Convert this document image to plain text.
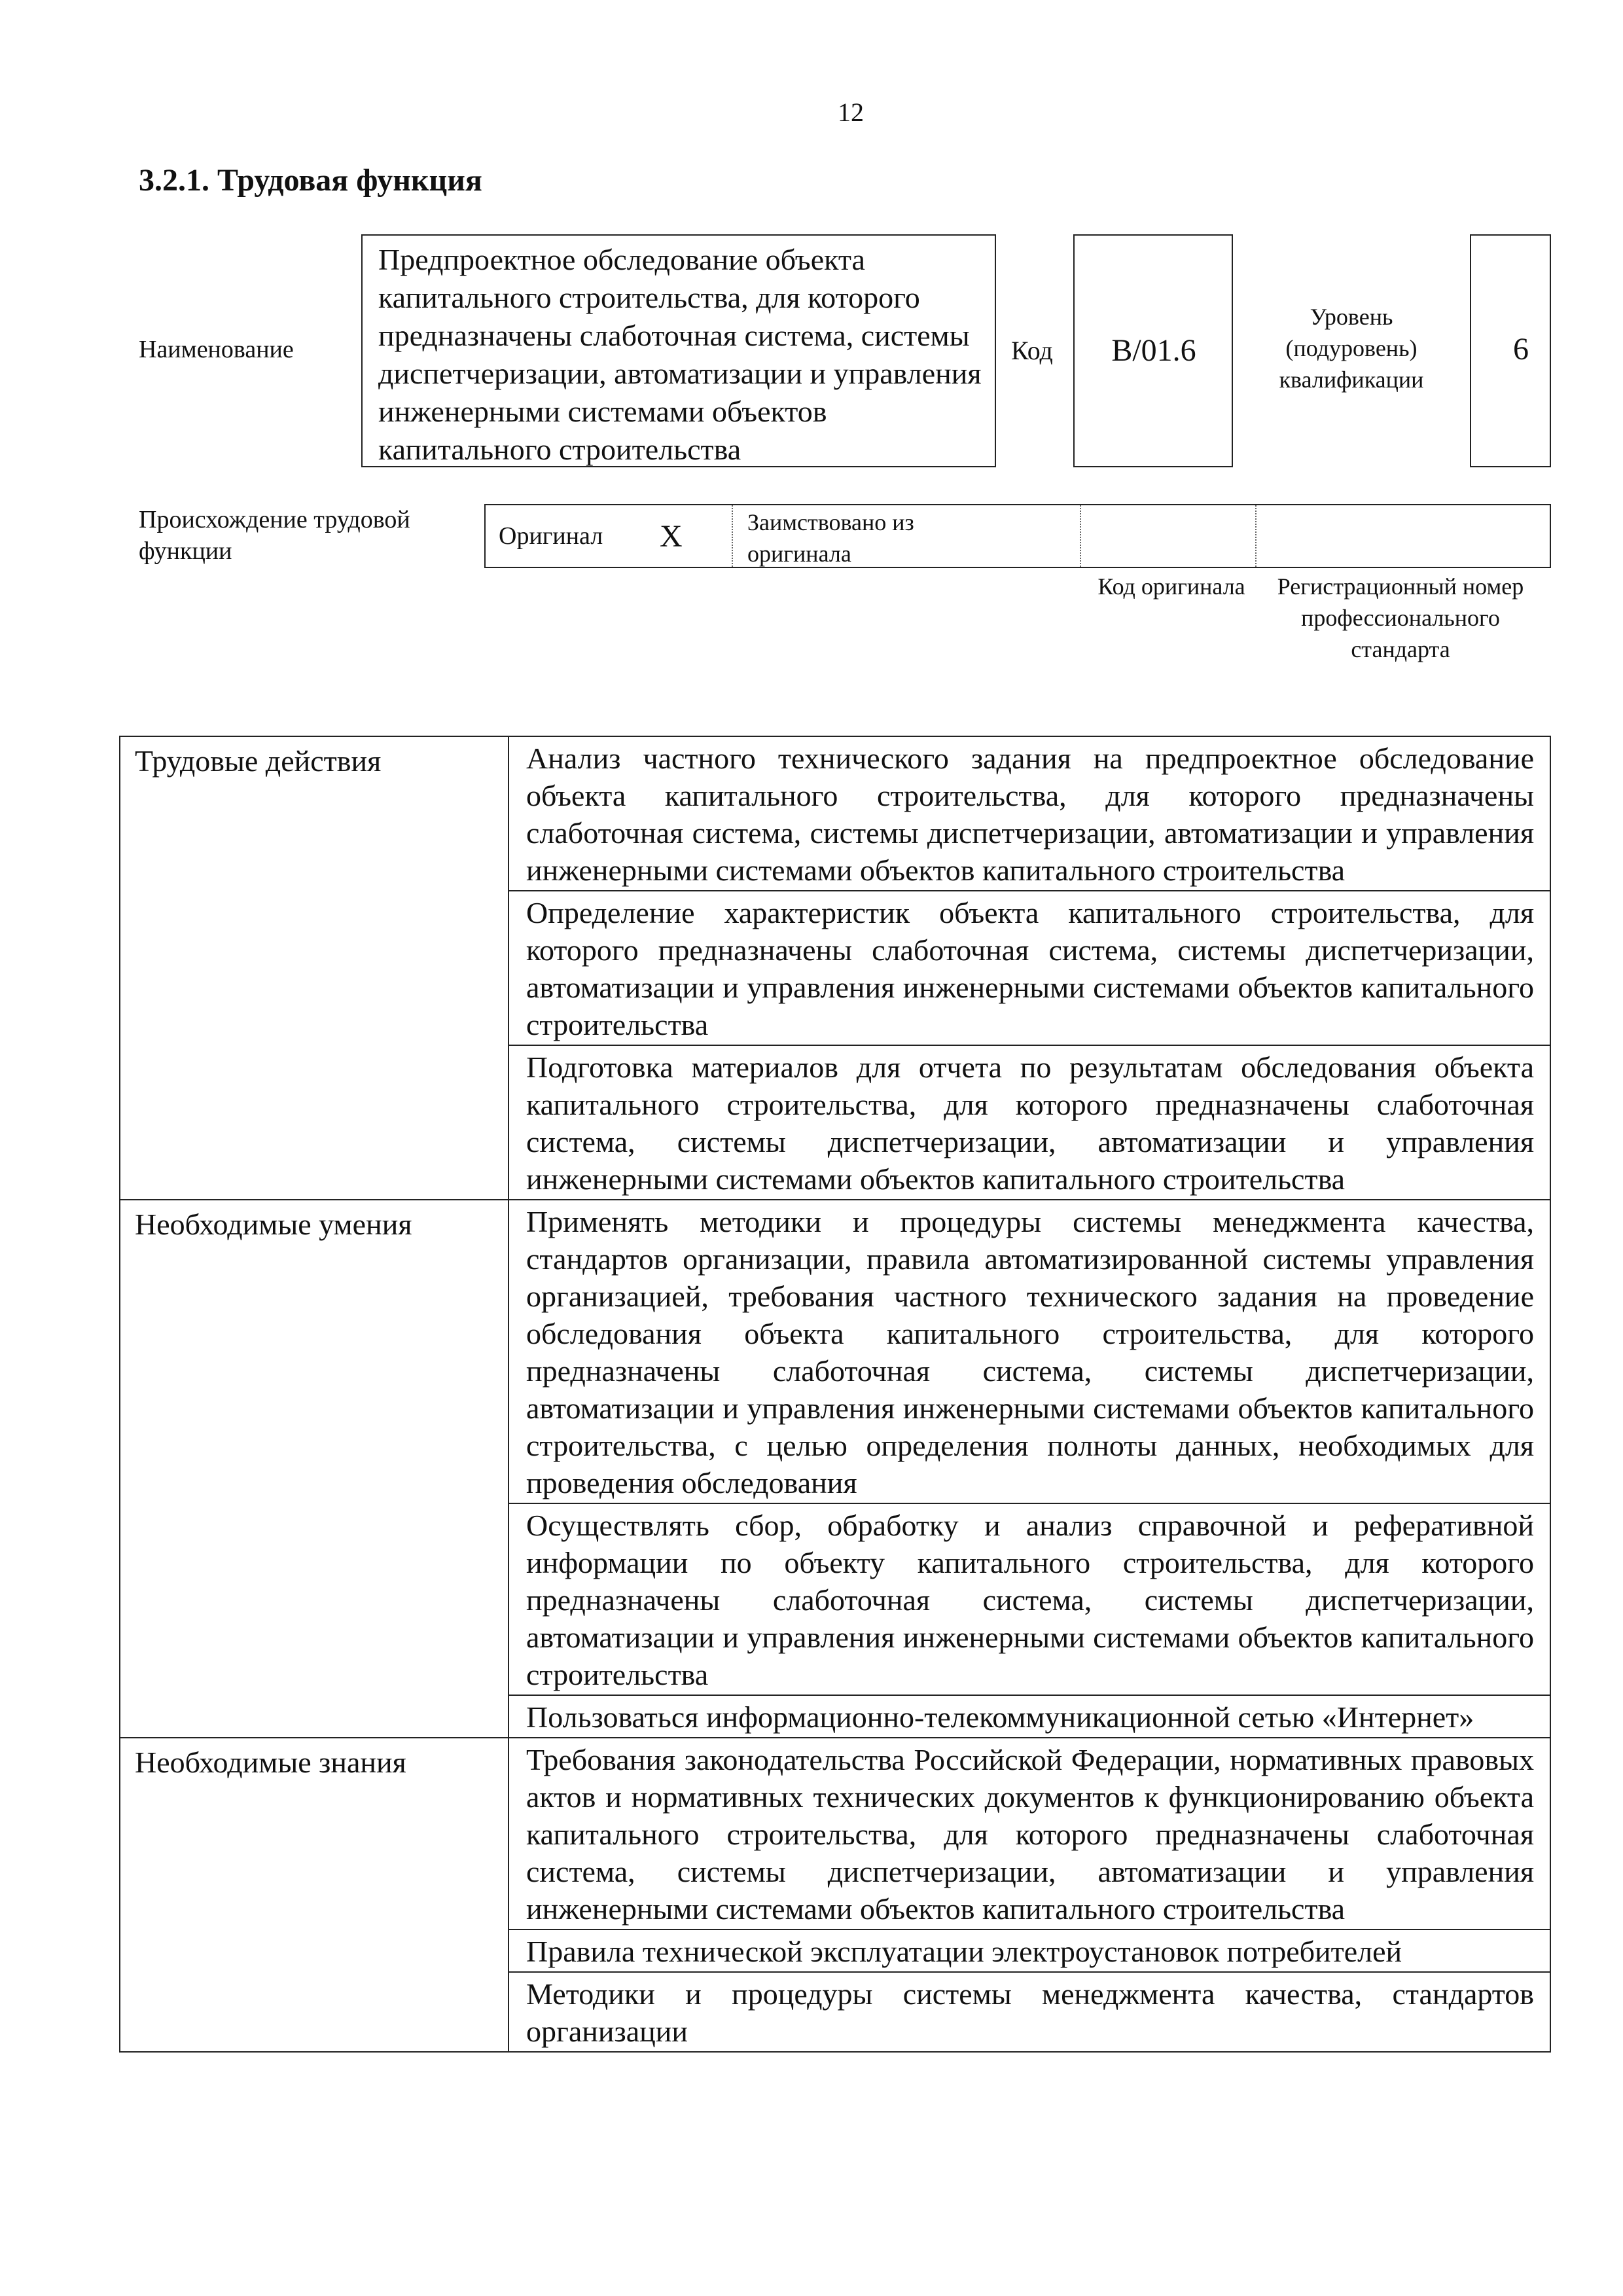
12
3.2.1. Трудовая функция
Наименование
Предпроектное обследование объекта капитального строительства, для которого предназначены слаботочная система, системы диспетчеризации, автоматизации и управления инженерными системами объектов капитального строительства
Код	B/01.6
Уровень (подуровень) квалификации
6
Происхождение трудовой функции
Оригинал X	Заимствовано из оригинала
Код оригинала	Регистрационный номер профессионального стандарта
Трудовые действия	Анализ частного технического задания на предпроектное обследование объекта капитального строительства, для которого предназначены слаботочная система, системы диспетчеризации, автоматизации и управления инженерными системами объектов капитального строительства
	Определение характеристик объекта капитального строительства, для которого предназначены слаботочная система, системы диспетчеризации, автоматизации и управления инженерными системами объектов капитального строительства
	Подготовка материалов для отчета по результатам обследования объекта капитального строительства, для которого предназначены слаботочная система, системы диспетчеризации, автоматизации и управления инженерными системами объектов капитального строительства
Необходимые умения	Применять методики и процедуры системы менеджмента качества, стандартов организации, правила автоматизированной системы управления организацией, требования частного технического задания на проведение обследования объекта капитального строительства, для которого предназначены слаботочная система, системы диспетчеризации, автоматизации и управления инженерными системами объектов капитального строительства, с целью определения полноты данных, необходимых для проведения обследования
	Осуществлять сбор, обработку и анализ справочной и реферативной информации по объекту капитального строительства, для которого предназначены слаботочная система, системы диспетчеризации, автоматизации и управления инженерными системами объектов капитального строительства
	Пользоваться информационно-телекоммуникационной сетью «Интернет»
Необходимые знания	Требования законодательства Российской Федерации, нормативных правовых актов и нормативных технических документов к функционированию объекта капитального строительства, для которого предназначены слаботочная система, системы диспетчеризации, автоматизации и управления инженерными системами объектов капитального строительства
	Правила технической эксплуатации электроустановок потребителей
	Методики и процедуры системы менеджмента качества, стандартов организации
